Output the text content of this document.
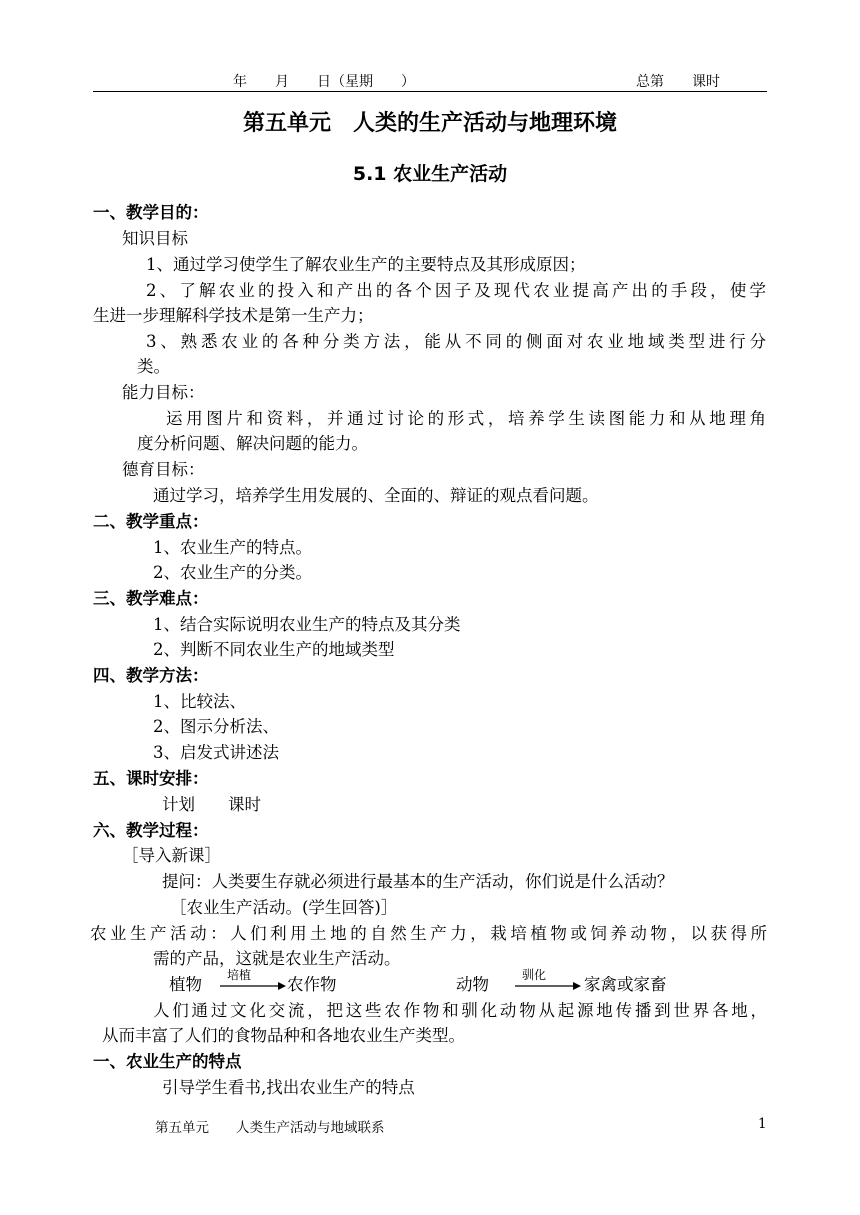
年　　月　　日（星期　　）	总第　　课时
第五单元　人类的生产活动与地理环境
5.1 农业生产活动
一、教学目的：
知识目标
1、通过学习使学生了解农业生产的主要特点及其形成原因；
2、了解农业的投入和产出的各个因子及现代农业提高产出的手段，使学
生进一步理解科学技术是第一生产力；
3、熟悉农业的各种分类方法，能从不同的侧面对农业地域类型进行分
类。
能力目标：
运用图片和资料，并通过讨论的形式，培养学生读图能力和从地理角
度分析问题、解决问题的能力。
德育目标：
通过学习，培养学生用发展的、全面的、辩证的观点看问题。
二、教学重点：
1、农业生产的特点。
2、农业生产的分类。
三、教学难点：
1、结合实际说明农业生产的特点及其分类
2、判断不同农业生产的地域类型
四、教学方法：
1、比较法、
2、图示分析法、
3、启发式讲述法
五、课时安排：
计划　　课时
六、教学过程：
［导入新课］
提问：人类要生存就必须进行最基本的生产活动，你们说是什么活动？
［农业生产活动。(学生回答)］
农业生产活动：人们利用土地的自然生产力，栽培植物或饲养动物，以获得所
需的产品，这就是农业生产活动。
植物 培植 农作物	动物	驯化 家禽或家畜
人们通过文化交流，把这些农作物和驯化动物从起源地传播到世界各地，
从而丰富了人们的食物品种和各地农业生产类型。
一、农业生产的特点
引导学生看书,找出农业生产的特点
第五单元　　人类生产活动与地域联系	1
